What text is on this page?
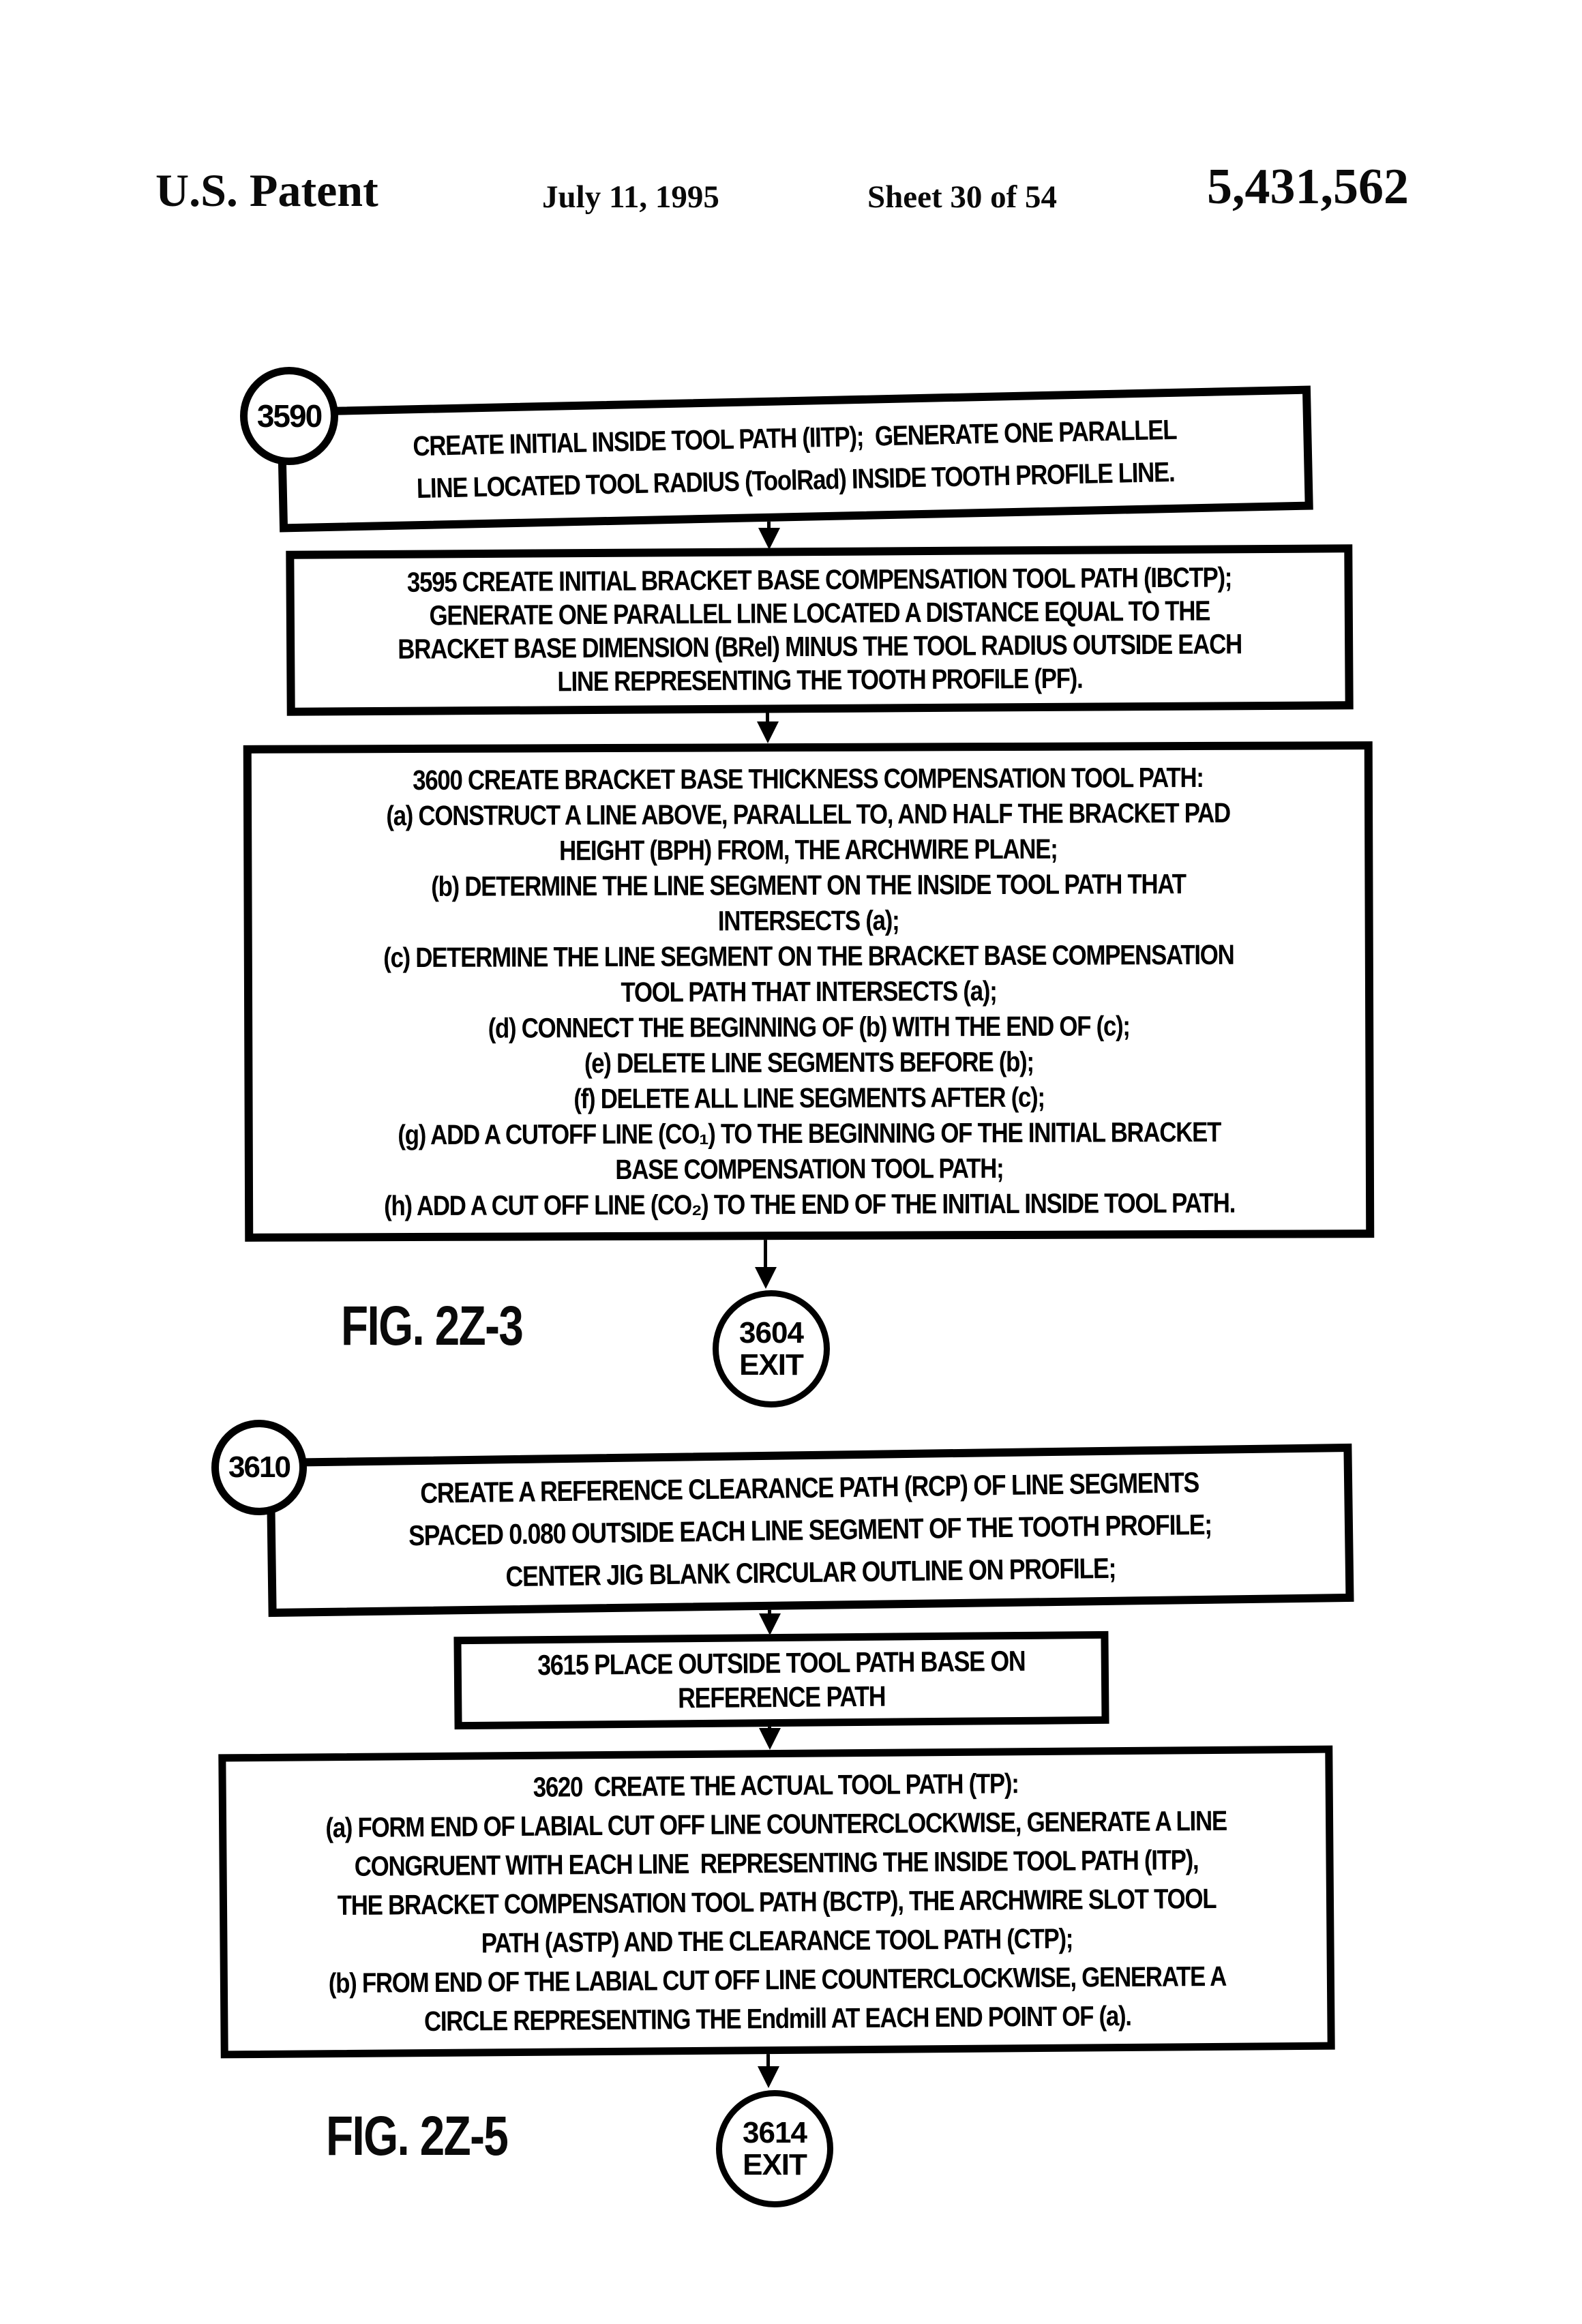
U.S. Patent	July 11, 1995	Sheet 30 of 54	5,431,562
CREATE INITIAL INSIDE TOOL PATH (IITP);  GENERATE ONE PARALLEL
LINE LOCATED TOOL RADIUS (ToolRad) INSIDE TOOTH PROFILE LINE.
3590
3595 CREATE INITIAL BRACKET BASE COMPENSATION TOOL PATH (IBCTP);
GENERATE ONE PARALLEL LINE LOCATED A DISTANCE EQUAL TO THE
BRACKET BASE DIMENSION (BRel) MINUS THE TOOL RADIUS OUTSIDE EACH
LINE REPRESENTING THE TOOTH PROFILE (PF).
3600 CREATE BRACKET BASE THICKNESS COMPENSATION TOOL PATH:
(a) CONSTRUCT A LINE ABOVE, PARALLEL TO, AND HALF THE BRACKET PAD
HEIGHT (BPH) FROM, THE ARCHWIRE PLANE;
(b) DETERMINE THE LINE SEGMENT ON THE INSIDE TOOL PATH THAT
INTERSECTS (a);
(c) DETERMINE THE LINE SEGMENT ON THE BRACKET BASE COMPENSATION
TOOL PATH THAT INTERSECTS (a);
(d) CONNECT THE BEGINNING OF (b) WITH THE END OF (c);
(e) DELETE LINE SEGMENTS BEFORE (b);
(f) DELETE ALL LINE SEGMENTS AFTER (c);
(g) ADD A CUTOFF LINE (CO₁) TO THE BEGINNING OF THE INITIAL BRACKET
BASE COMPENSATION TOOL PATH;
(h) ADD A CUT OFF LINE (CO₂) TO THE END OF THE INITIAL INSIDE TOOL PATH.
3604
EXIT
FIG. 2Z-3
CREATE A REFERENCE CLEARANCE PATH (RCP) OF LINE SEGMENTS
SPACED 0.080 OUTSIDE EACH LINE SEGMENT OF THE TOOTH PROFILE;
CENTER JIG BLANK CIRCULAR OUTLINE ON PROFILE;
3610
3615 PLACE OUTSIDE TOOL PATH BASE ON
REFERENCE PATH
3620  CREATE THE ACTUAL TOOL PATH (TP):
(a) FORM END OF LABIAL CUT OFF LINE COUNTERCLOCKWISE, GENERATE A LINE
CONGRUENT WITH EACH LINE  REPRESENTING THE INSIDE TOOL PATH (ITP),
THE BRACKET COMPENSATION TOOL PATH (BCTP), THE ARCHWIRE SLOT TOOL
PATH (ASTP) AND THE CLEARANCE TOOL PATH (CTP);
(b) FROM END OF THE LABIAL CUT OFF LINE COUNTERCLOCKWISE, GENERATE A
CIRCLE REPRESENTING THE Endmill AT EACH END POINT OF (a).
3614
EXIT
FIG. 2Z-5
